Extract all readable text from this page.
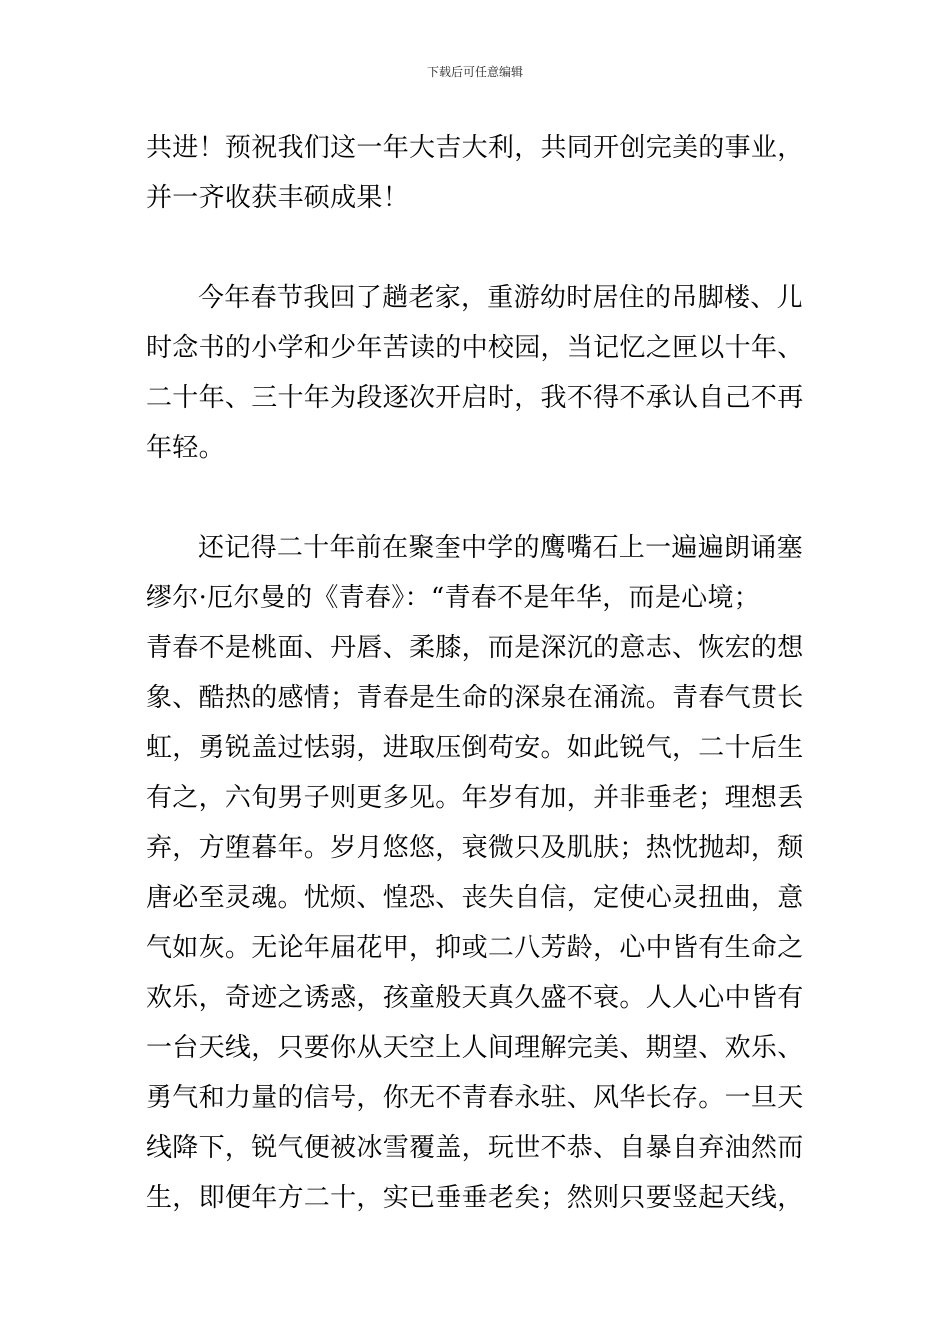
下载后可任意编辑
共进！预祝我们这一年大吉大利，共同开创完美的事业，
并一齐收获丰硕成果！
今年春节我回了趟老家，重游幼时居住的吊脚楼、儿
时念书的小学和少年苦读的中校园，当记忆之匣以十年、
二十年、三十年为段逐次开启时，我不得不承认自己不再
年轻。
还记得二十年前在聚奎中学的鹰嘴石上一遍遍朗诵塞
缪尔·厄尔曼的《青春》：“青春不是年华，而是心境；
青春不是桃面、丹唇、柔膝，而是深沉的意志、恢宏的想
象、酷热的感情；青春是生命的深泉在涌流。青春气贯长
虹，勇锐盖过怯弱，进取压倒苟安。如此锐气，二十后生
有之，六旬男子则更多见。年岁有加，并非垂老；理想丢
弃，方堕暮年。岁月悠悠，衰微只及肌肤；热忱抛却，颓
唐必至灵魂。忧烦、惶恐、丧失自信，定使心灵扭曲，意
气如灰。无论年届花甲，抑或二八芳龄，心中皆有生命之
欢乐，奇迹之诱惑，孩童般天真久盛不衰。人人心中皆有
一台天线，只要你从天空上人间理解完美、期望、欢乐、
勇气和力量的信号，你无不青春永驻、风华长存。一旦天
线降下，锐气便被冰雪覆盖，玩世不恭、自暴自弃油然而
生，即便年方二十，实已垂垂老矣；然则只要竖起天线，
